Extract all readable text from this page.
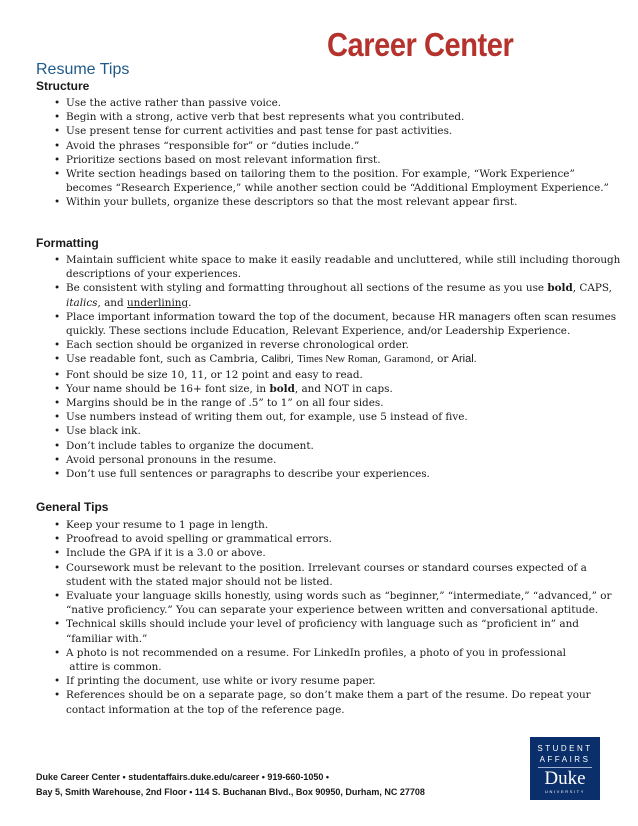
Career Center
Resume Tips
Structure
• Use the active rather than passive voice.
• Begin with a strong, active verb that best represents what you contributed.
• Use present tense for current activities and past tense for past activities.
• Avoid the phrases “responsible for” or “duties include.”
• Prioritize sections based on most relevant information first.
• Write section headings based on tailoring them to the position. For example, “Work Experience”
becomes “Research Experience,” while another section could be “Additional Employment Experience.”
• Within your bullets, organize these descriptors so that the most relevant appear first.
Formatting
• Maintain sufficient white space to make it easily readable and uncluttered, while still including thorough
descriptions of your experiences.
• Be consistent with styling and formatting throughout all sections of the resume as you use bold, CAPS,
italics, and underlining.
• Place important information toward the top of the document, because HR managers often scan resumes
quickly. These sections include Education, Relevant Experience, and/or Leadership Experience.
• Each section should be organized in reverse chronological order.
• Use readable font, such as Cambria, Calibri, Times New Roman, Garamond, or Arial.
• Font should be size 10, 11, or 12 point and easy to read.
• Your name should be 16+ font size, in bold, and NOT in caps.
• Margins should be in the range of .5” to 1” on all four sides.
• Use numbers instead of writing them out, for example, use 5 instead of five.
• Use black ink.
• Don’t include tables to organize the document.
• Avoid personal pronouns in the resume.
• Don’t use full sentences or paragraphs to describe your experiences.
General Tips
• Keep your resume to 1 page in length.
• Proofread to avoid spelling or grammatical errors.
• Include the GPA if it is a 3.0 or above.
• Coursework must be relevant to the position. Irrelevant courses or standard courses expected of a
student with the stated major should not be listed.
• Evaluate your language skills honestly, using words such as “beginner,” “intermediate,” “advanced,” or
“native proficiency.” You can separate your experience between written and conversational aptitude.
• Technical skills should include your level of proficiency with language such as “proficient in” and
“familiar with.”
• A photo is not recommended on a resume. For LinkedIn profiles, a photo of you in professional
attire is common.
• If printing the document, use white or ivory resume paper.
• References should be on a separate page, so don’t make them a part of the resume. Do repeat your
contact information at the top of the reference page.
Duke Career Center • studentaffairs.duke.edu/career • 919-660-1050 •
Bay 5, Smith Warehouse, 2nd Floor • 114 S. Buchanan Blvd., Box 90950, Durham, NC 27708
STUDENT
AFFAIRS
Duke
UNIVERSITY
